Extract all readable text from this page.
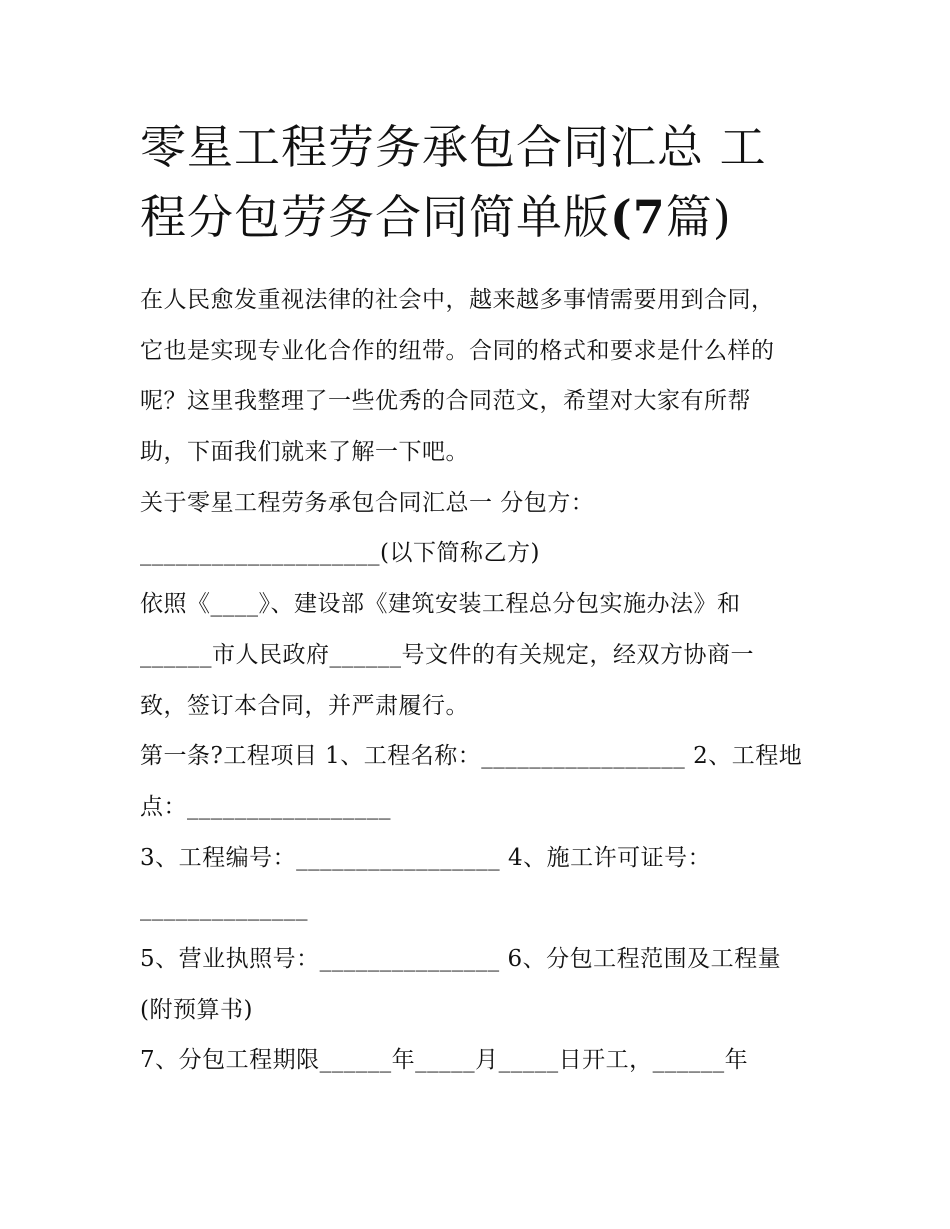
零星工程劳务承包合同汇总 工
程分包劳务合同简单版(7篇)
在人民愈发重视法律的社会中，越来越多事情需要用到合同，
它也是实现专业化合作的纽带。合同的格式和要求是什么样的
呢？这里我整理了一些优秀的合同范文，希望对大家有所帮
助，下面我们就来了解一下吧。
关于零星工程劳务承包合同汇总一 分包方：
____________________(以下简称乙方)
依照《____》、建设部《建筑安装工程总分包实施办法》和
______市人民政府______号文件的有关规定，经双方协商一
致，签订本合同，并严肃履行。
第一条?工程项目 1、工程名称：_________________ 2、工程地
点：_________________
3、工程编号：_________________ 4、施工许可证号：
______________
5、营业执照号：_______________ 6、分包工程范围及工程量
(附预算书)
7、分包工程期限______年_____月_____日开工，______年
